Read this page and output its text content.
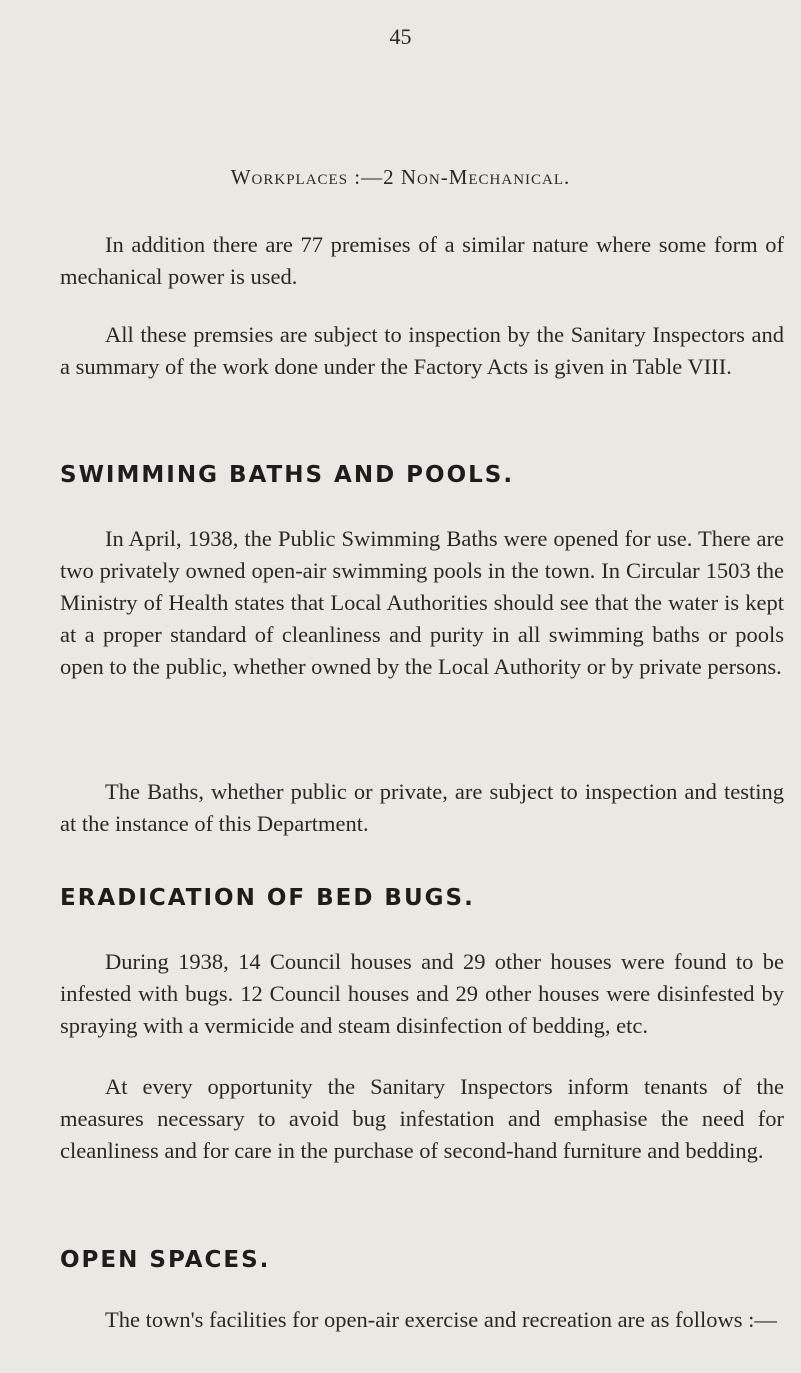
45
Workplaces :—2 Non-Mechanical.

In addition there are 77 premises of a similar nature where some form of mechanical power is used.

All these premsies are subject to inspection by the Sanitary Inspectors and a summary of the work done under the Factory Acts is given in Table VIII.

SWIMMING BATHS AND POOLS.

In April, 1938, the Public Swimming Baths were opened for use. There are two privately owned open-air swimming pools in the town. In Circular 1503 the Ministry of Health states that Local Authorities should see that the water is kept at a proper standard of cleanliness and purity in all swimming baths or pools open to the public, whether owned by the Local Authority or by private persons.

The Baths, whether public or private, are subject to inspection and testing at the instance of this Department.

ERADICATION OF BED BUGS.

During 1938, 14 Council houses and 29 other houses were found to be infested with bugs. 12 Council houses and 29 other houses were disinfested by spraying with a vermicide and steam disinfection of bedding, etc.

At every opportunity the Sanitary Inspectors inform tenants of the measures necessary to avoid bug infestation and emphasise the need for cleanliness and for care in the purchase of second-hand furniture and bedding.

OPEN SPACES.

The town's facilities for open-air exercise and recreation are as follows :—
